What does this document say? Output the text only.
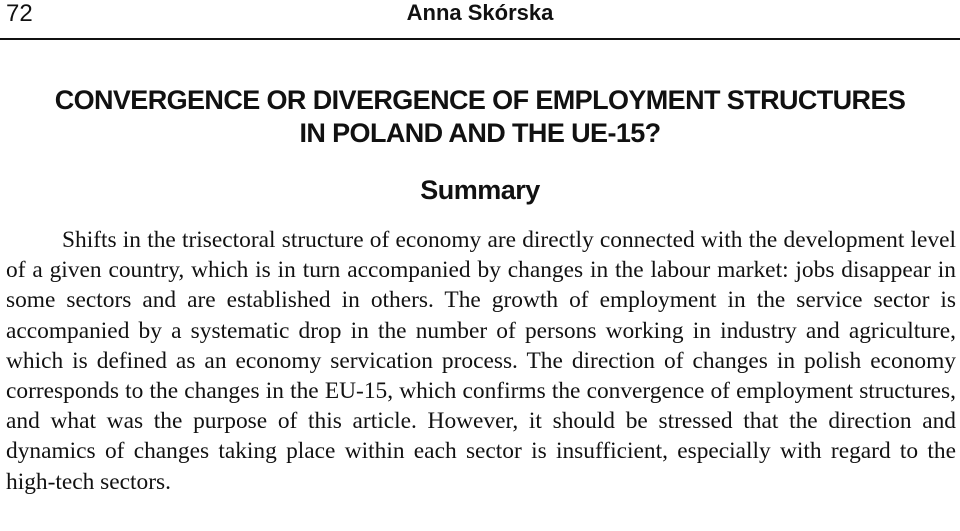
72	Anna Skórska
CONVERGENCE OR DIVERGENCE OF EMPLOYMENT STRUCTURES
IN POLAND AND THE UE-15?
Summary

Shifts in the trisectoral structure of economy are directly connected with the development level of a given country, which is in turn accompanied by changes in the labour market: jobs disappear in some sectors and are established in others. The growth of employment in the service sector is accompanied by a systematic drop in the number of persons working in industry and agriculture, which is defined as an economy servication process. The direction of changes in polish economy corresponds to the changes in the EU-15, which confirms the convergence of employment structures, and what was the purpose of this article. However, it should be stressed that the direction and dynamics of changes taking place within each sector is insufficient, especially with regard to the high-tech sectors.
